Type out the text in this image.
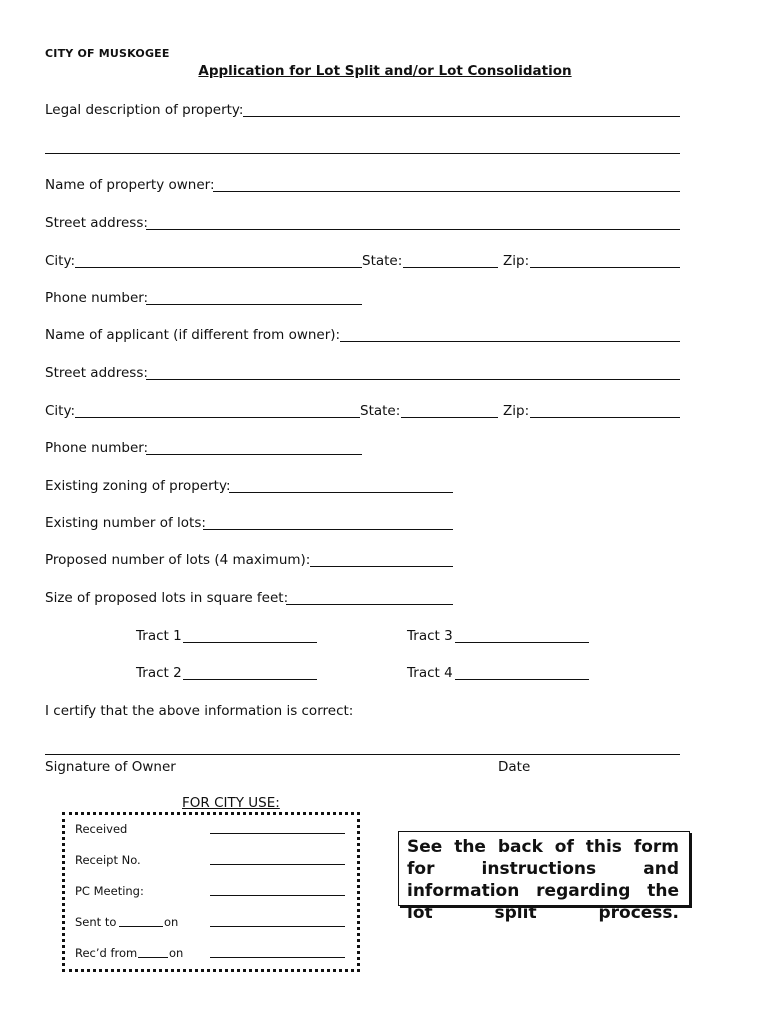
CITY OF MUSKOGEE
Application for Lot Split and/or Lot Consolidation
Legal description of property:
Name of property owner:
Street address:
City:	State:	Zip:
Phone number:
Name of applicant (if different from owner):
Street address:
City:	State:	Zip:
Phone number:
Existing zoning of property:
Existing number of lots:
Proposed number of lots (4 maximum):
Size of proposed lots in square feet:
Tract 1	Tract 3
Tract 2	Tract 4
I certify that the above information is correct:
Signature of Owner	Date
FOR CITY USE:
Received
Receipt No.
PC Meeting:
Sent to	on
Rec’d from	on
See the back of this form for instructions and information regarding the lot split process.
